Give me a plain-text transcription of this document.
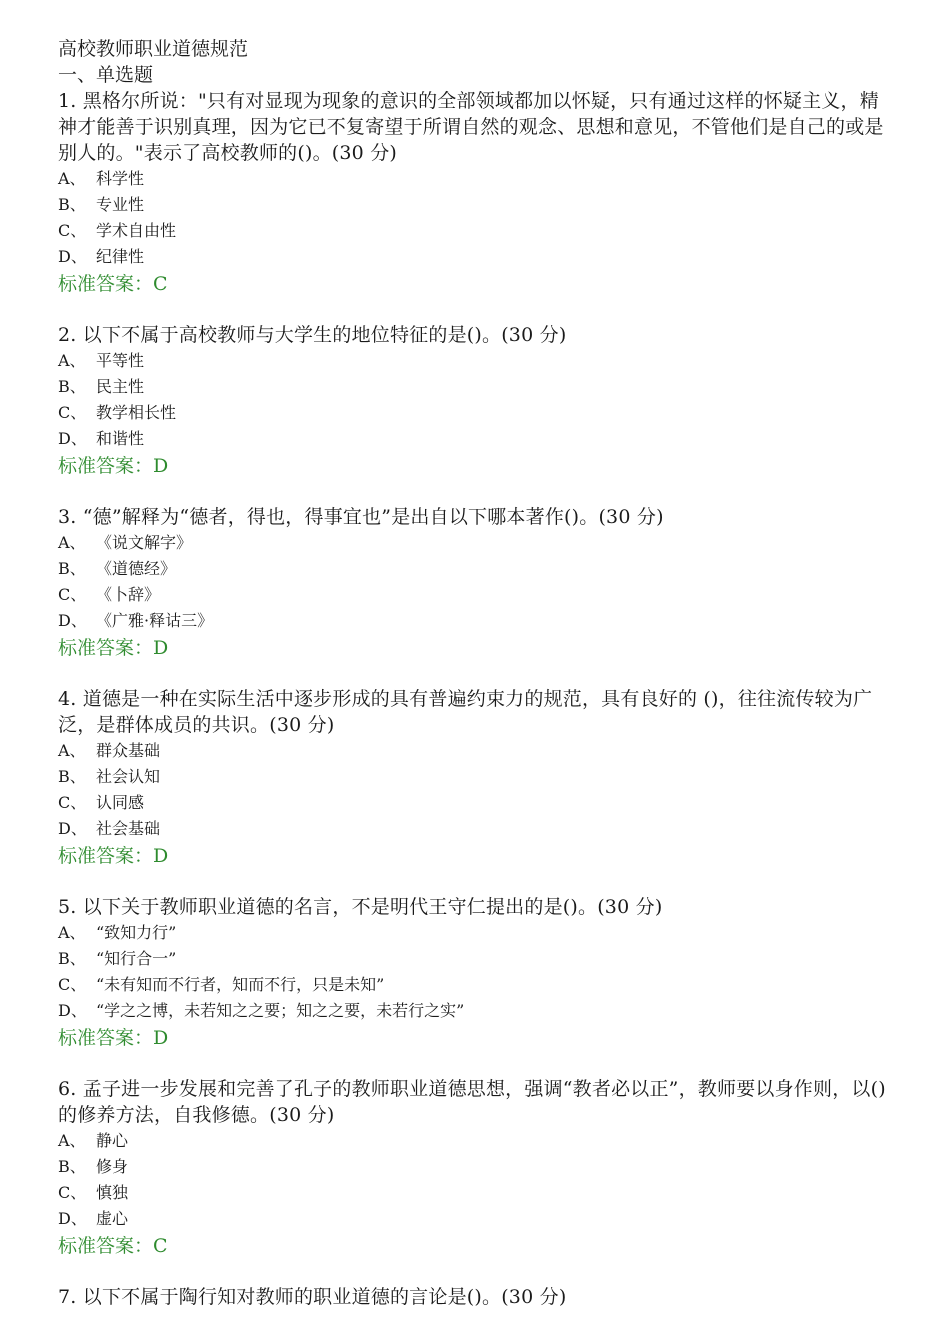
高校教师职业道德规范

一、单选题

1. 黑格尔所说："只有对显现为现象的意识的全部领域都加以怀疑，只有通过这样的怀疑主义，精神才能善于识别真理，因为它已不复寄望于所谓自然的观念、思想和意见，不管他们是自己的或是别人的。"表示了高校教师的()。(30 分)

A、 科学性
B、 专业性
C、 学术自由性
D、 纪律性

标准答案：C

2. 以下不属于高校教师与大学生的地位特征的是()。(30 分)

A、 平等性
B、 民主性
C、 教学相长性
D、 和谐性

标准答案：D

3. “德”解释为“德者，得也，得事宜也”是出自以下哪本著作()。(30 分)

A、 《说文解字》
B、 《道德经》
C、 《卜辞》
D、 《广雅·释诂三》

标准答案：D

4. 道德是一种在实际生活中逐步形成的具有普遍约束力的规范，具有良好的 ()，往往流传较为广泛，是群体成员的共识。(30 分)

A、 群众基础
B、 社会认知
C、 认同感
D、 社会基础

标准答案：D

5. 以下关于教师职业道德的名言，不是明代王守仁提出的是()。(30 分)

A、 “致知力行”
B、 “知行合一”
C、 “未有知而不行者，知而不行，只是未知”
D、 “学之之博，未若知之之要；知之之要，未若行之实”

标准答案：D

6. 孟子进一步发展和完善了孔子的教师职业道德思想，强调“教者必以正”，教师要以身作则，以()的修养方法，自我修德。(30 分)

A、 静心
B、 修身
C、 慎独
D、 虚心

标准答案：C

7. 以下不属于陶行知对教师的职业道德的言论是()。(30 分)
